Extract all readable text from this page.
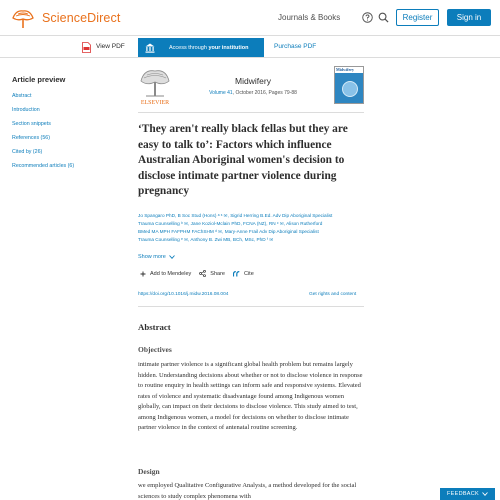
ScienceDirect	Journals & Books	Register	Sign in
View PDF	Access through your institution	Purchase PDF
Article preview
Abstract
Introduction
Section snippets
References (56)
Cited by (26)
Recommended articles (6)
ELSEVIER
Midwifery
Volume 41, October 2016, Pages 79-88
Midwifery
‘They aren't really black fellas but they are easy to talk to’: Factors which influence Australian Aboriginal women's decision to disclose intimate partner violence during pregnancy
Jo Spangaro PhD, B Soc Stud (Hons) ᵃ ˢ ✉, Sigrid Herring B.Ed. Adv Dip Aboriginal Specialist
Trauma Counselling ᵇ ✉, Jane Koziol-Mclain PhD, FCNA (NZ), RN ᶜ ✉, Alison Rutherford
BMed MA MPH FAFPHM FAChSHM ᵈ ✉, Mary-Anne Frail Adv Dip Aboriginal Specialist
Trauma Counselling ᵉ ✉, Anthony B. Zwi MB, BCh, MSc, PhD ᶠ ✉
Show more
Add to Mendeley	Share	Cite
https://doi.org/10.1016/j.midw.2016.08.004	Get rights and content
Abstract
Objectives

intimate partner violence is a significant global health problem but remains largely hidden. Understanding decisions about whether or not to disclose violence in response to routine enquiry in health settings can inform safe and responsive systems. Elevated rates of violence and systematic disadvantage found among Indigenous women globally, can impact on their decisions to disclose violence. This study aimed to test, among Indigenous women, a model for decisions on whether to disclose intimate partner violence in the context of antenatal routine screening.

Design

we employed Qualitative Configurative Analysis, a method developed for the social sciences to study complex phenomena with	FEEDBACK
